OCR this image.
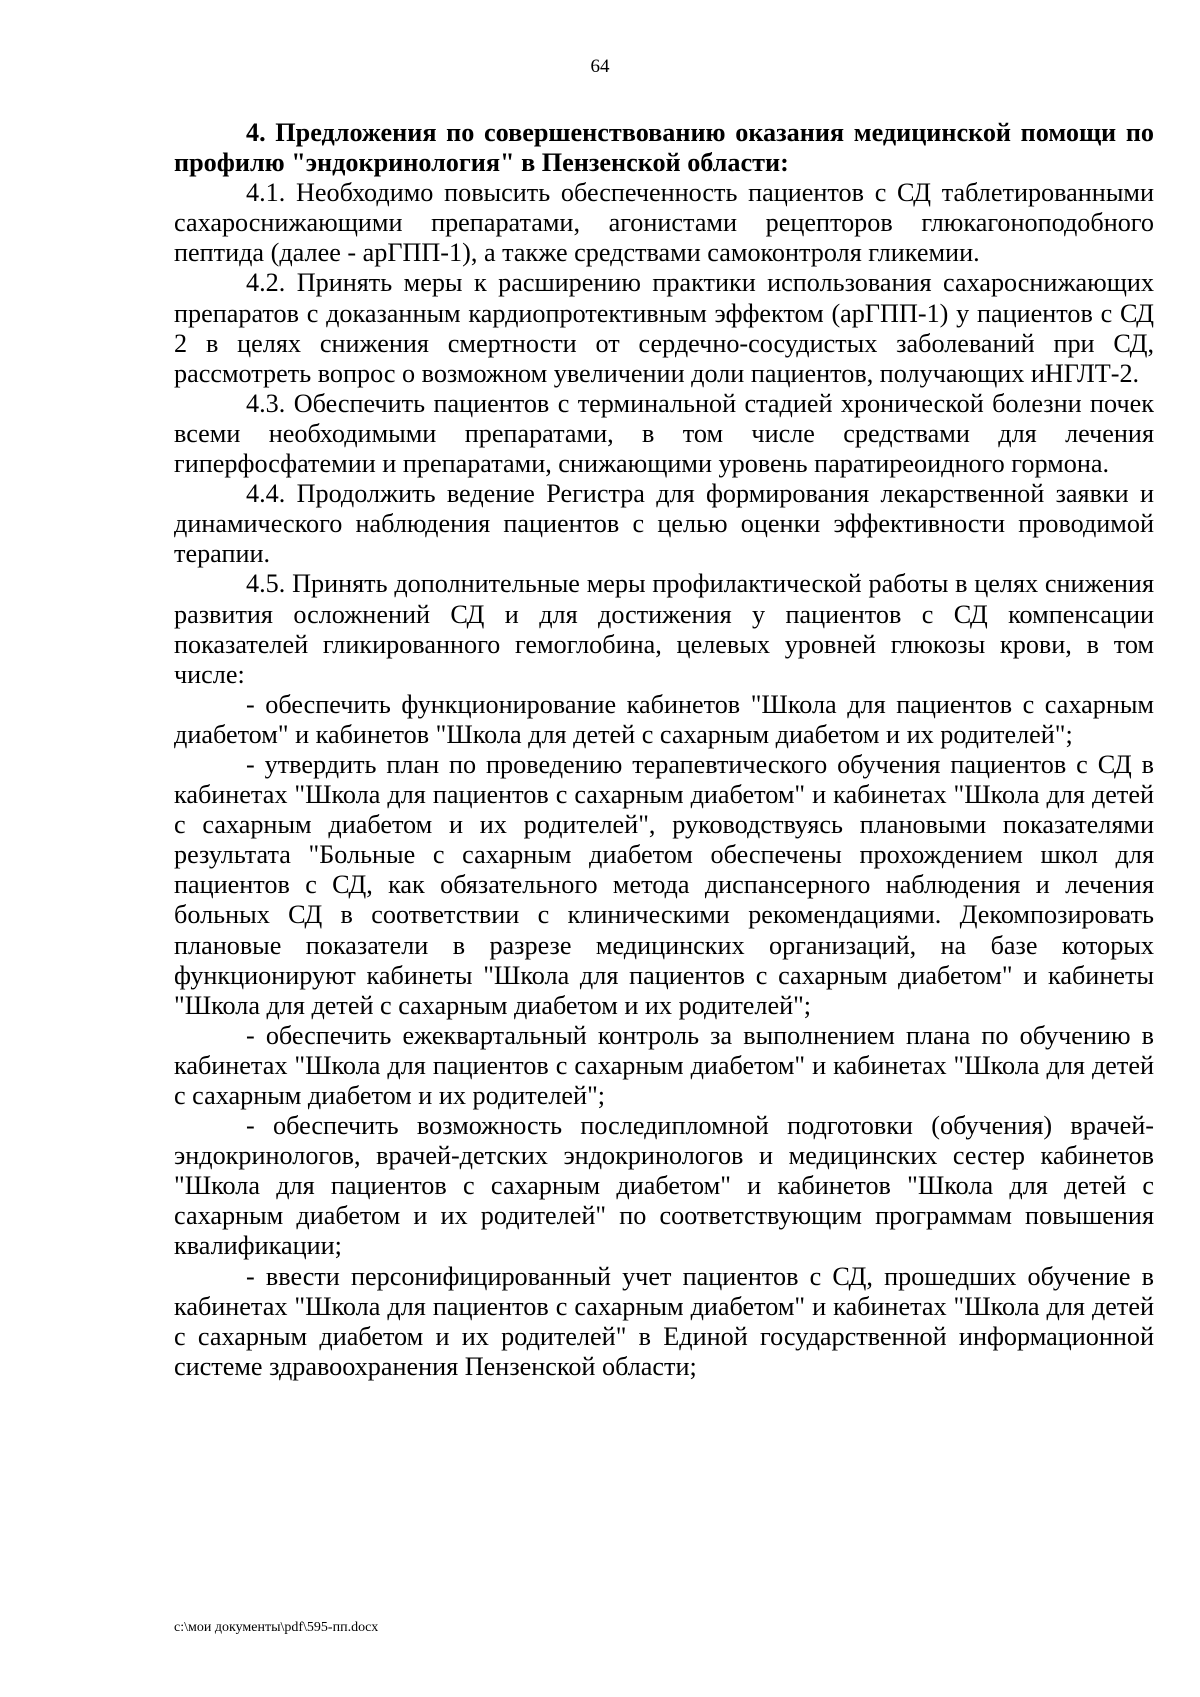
64

4. Предложения по совершенствованию оказания медицинской помощи по профилю "эндокринология" в Пензенской области:

4.1. Необходимо повысить обеспеченность пациентов с СД таблетированными сахароснижающими препаратами, агонистами рецепторов глюкагоноподобного пептида (далее - арГПП-1), а также средствами самоконтроля гликемии.

4.2. Принять меры к расширению практики использования сахароснижающих препаратов с доказанным кардиопротективным эффектом (арГПП-1) у пациентов с СД 2 в целях снижения смертности от сердечно-сосудистых заболеваний при СД, рассмотреть вопрос о возможном увеличении доли пациентов, получающих иНГЛТ-2.

4.3. Обеспечить пациентов с терминальной стадией хронической болезни почек всеми необходимыми препаратами, в том числе средствами для лечения гиперфосфатемии и препаратами, снижающими уровень паратиреоидного гормона.

4.4. Продолжить ведение Регистра для формирования лекарственной заявки и динамического наблюдения пациентов с целью оценки эффективности проводимой терапии.

4.5. Принять дополнительные меры профилактической работы в целях снижения развития осложнений СД и для достижения у пациентов с СД компенсации показателей гликированного гемоглобина, целевых уровней глюкозы крови, в том числе:

- обеспечить функционирование кабинетов "Школа для пациентов с сахарным диабетом" и кабинетов "Школа для детей с сахарным диабетом и их родителей";

- утвердить план по проведению терапевтического обучения пациентов с СД в кабинетах "Школа для пациентов с сахарным диабетом" и кабинетах "Школа для детей с сахарным диабетом и их родителей", руководствуясь плановыми показателями результата "Больные с сахарным диабетом обеспечены прохождением школ для пациентов с СД, как обязательного метода диспансерного наблюдения и лечения больных СД в соответствии с клиническими рекомендациями. Декомпозировать плановые показатели в разрезе медицинских организаций, на базе которых функционируют кабинеты "Школа для пациентов с сахарным диабетом" и кабинеты "Школа для детей с сахарным диабетом и их родителей";

- обеспечить ежеквартальный контроль за выполнением плана по обучению в кабинетах "Школа для пациентов с сахарным диабетом" и кабинетах "Школа для детей с сахарным диабетом и их родителей";

- обеспечить возможность последипломной подготовки (обучения) врачей-эндокринологов, врачей-детских эндокринологов и медицинских сестер кабинетов "Школа для пациентов с сахарным диабетом" и кабинетов "Школа для детей с сахарным диабетом и их родителей" по соответствующим программам повышения квалификации;

- ввести персонифицированный учет пациентов с СД, прошедших обучение в кабинетах "Школа для пациентов с сахарным диабетом" и кабинетах "Школа для детей с сахарным диабетом и их родителей" в Единой государственной информационной системе здравоохранения Пензенской области;

c:\мои документы\pdf\595-пп.docx
